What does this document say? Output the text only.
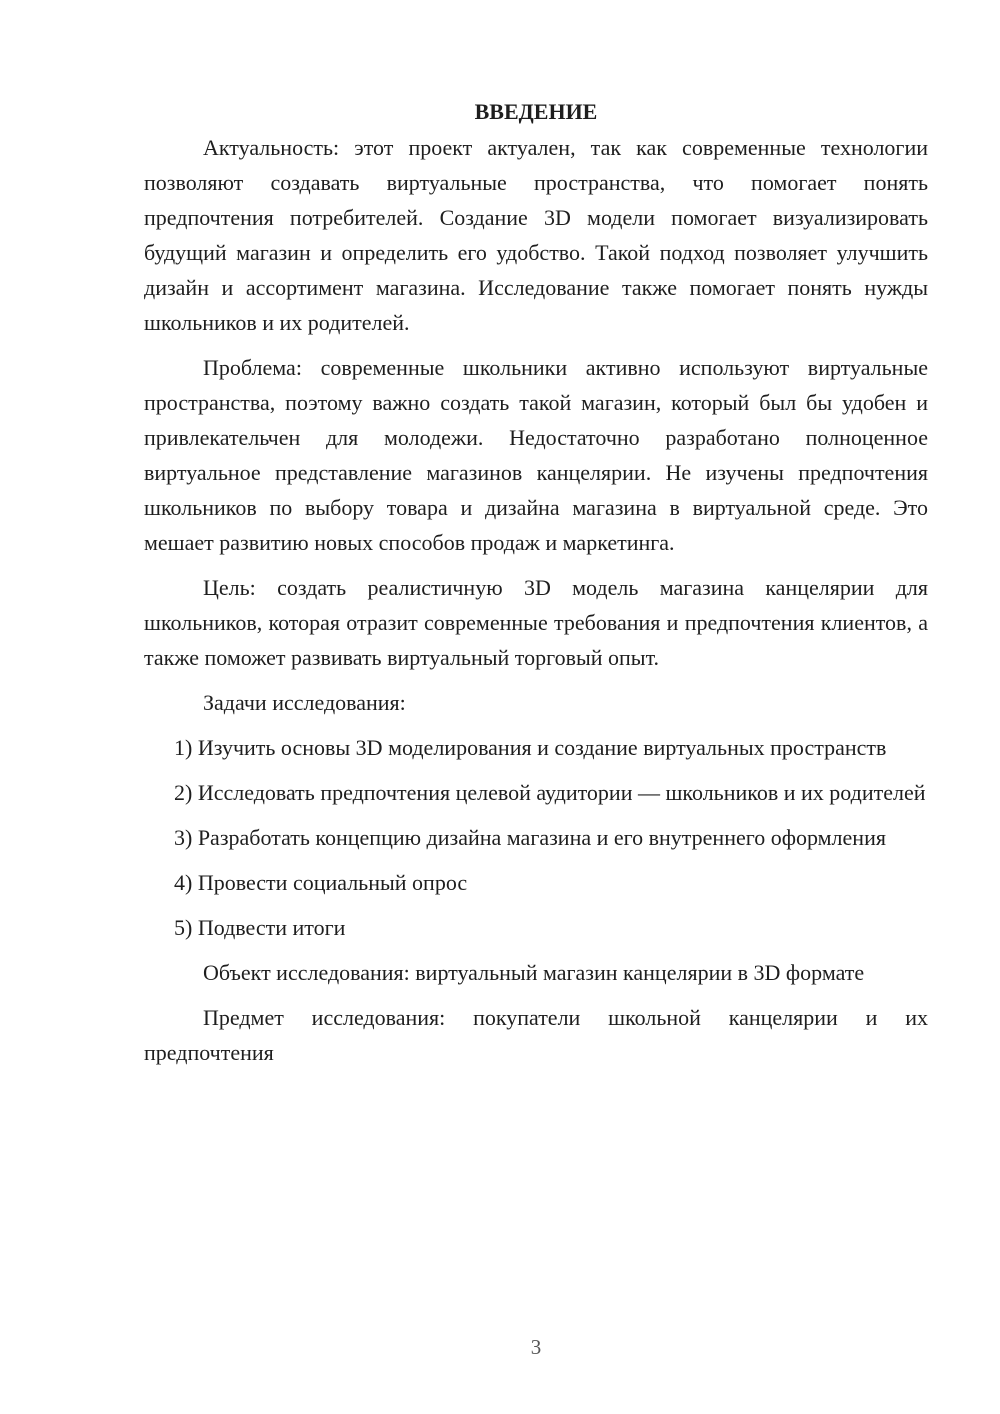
ВВЕДЕНИЕ

Актуальность: этот проект актуален, так как современные технологии позволяют создавать виртуальные пространства, что помогает понять предпочтения потребителей. Создание 3D модели помогает визуализировать будущий магазин и определить его удобство. Такой подход позволяет улучшить дизайн и ассортимент магазина. Исследование также помогает понять нужды школьников и их родителей.

Проблема: современные школьники активно используют виртуальные пространства, поэтому важно создать такой магазин, который был бы удобен и привлекательчен для молодежи. Недостаточно разработано полноценное виртуальное представление магазинов канцелярии. Не изучены предпочтения школьников по выбору товара и дизайна магазина в виртуальной среде. Это мешает развитию новых способов продаж и маркетинга.

Цель: создать реалистичную 3D модель магазина канцелярии для школьников, которая отразит современные требования и предпочтения клиентов, а также поможет развивать виртуальный торговый опыт.

Задачи исследования:

1) Изучить основы 3D моделирования и создание виртуальных пространств

2) Исследовать предпочтения целевой аудитории — школьников и их родителей

3) Разработать концепцию дизайна магазина и его внутреннего оформления

4) Провести социальный опрос

5) Подвести итоги

Объект исследования: виртуальный магазин канцелярии в 3D формате

Предмет исследования: покупатели школьной канцелярии и их предпочтения

3
